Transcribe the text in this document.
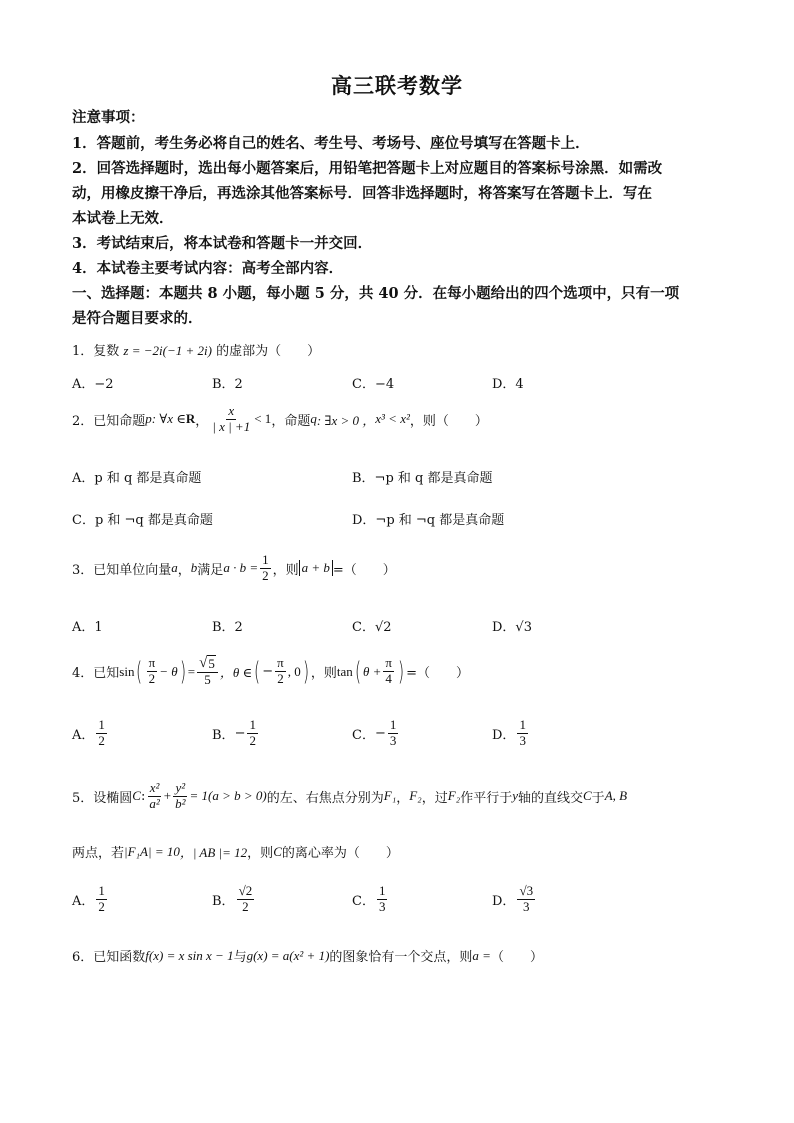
高三联考数学
注意事项：
1．答题前，考生务必将自己的姓名、考生号、考场号、座位号填写在答题卡上．
2．回答选择题时，选出每小题答案后，用铅笔把答题卡上对应题目的答案标号涂黑．如需改
动，用橡皮擦干净后，再选涂其他答案标号．回答非选择题时，将答案写在答题卡上．写在
本试卷上无效．
3．考试结束后，将本试卷和答题卡一并交回．
4．本试卷主要考试内容：高考全部内容．
一、选择题：本题共 8 小题，每小题 5 分，共 40 分．在每小题给出的四个选项中，只有一项
是符合题目要求的．
1．复数 z = −2i(−1 + 2i) 的虚部为（　　）
A．−2	B．2	C．−4	D．4
2．已知命题 p : ∀x ∈ R ， $\frac{x}{| x | +1} < 1$ ，命题 q : ∃x > 0 ， x³ < x² ，则（　　）
A．p 和 q 都是真命题	B．¬p 和 q 都是真命题
C．p 和 ¬q 都是真命题	D．¬p 和 ¬q 都是真命题
3．已知单位向量 a ， b 满足 $a \cdot b = \frac{1}{2}$ ，则 a + b =（　　）
A．1	B．2	C．√2	D．√3
4．已知 sin ( $\frac{\pi}{2} - \theta$ ) = $\frac{√ 5}{5}$ ，θ ∈ ( − $\frac{\pi}{2}$ , 0 ) ，则 tan ( $\theta + \frac{\pi}{4}$ ) =（　　）
A． $\frac{1}{2}$	B． − $\frac{1}{2}$	C． − $\frac{1}{3}$	D． $\frac{1}{3}$
5．设椭圆 C : $\frac{\text{x²}}{\text{a²}} + \frac{\text{y²}}{\text{b²}} = 1(a > b > 0)$ 的左、右焦点分别为 F₁ ， F₂ ，过 F₂ 作平行于 y 轴的直线交 C 于 A, B
两点，若 |F₁A| = 10 ，| AB |= 12 ，则 C 的离心率为（　　）
A． $\frac{1}{2}$	B． $\frac{√2}{2}$	C． $\frac{1}{3}$	D． $\frac{√3}{3}$
6．已知函数 f(x) = x sin x − 1 与 g(x) = a(x² + 1) 的图象恰有一个交点，则 a = （　　）
